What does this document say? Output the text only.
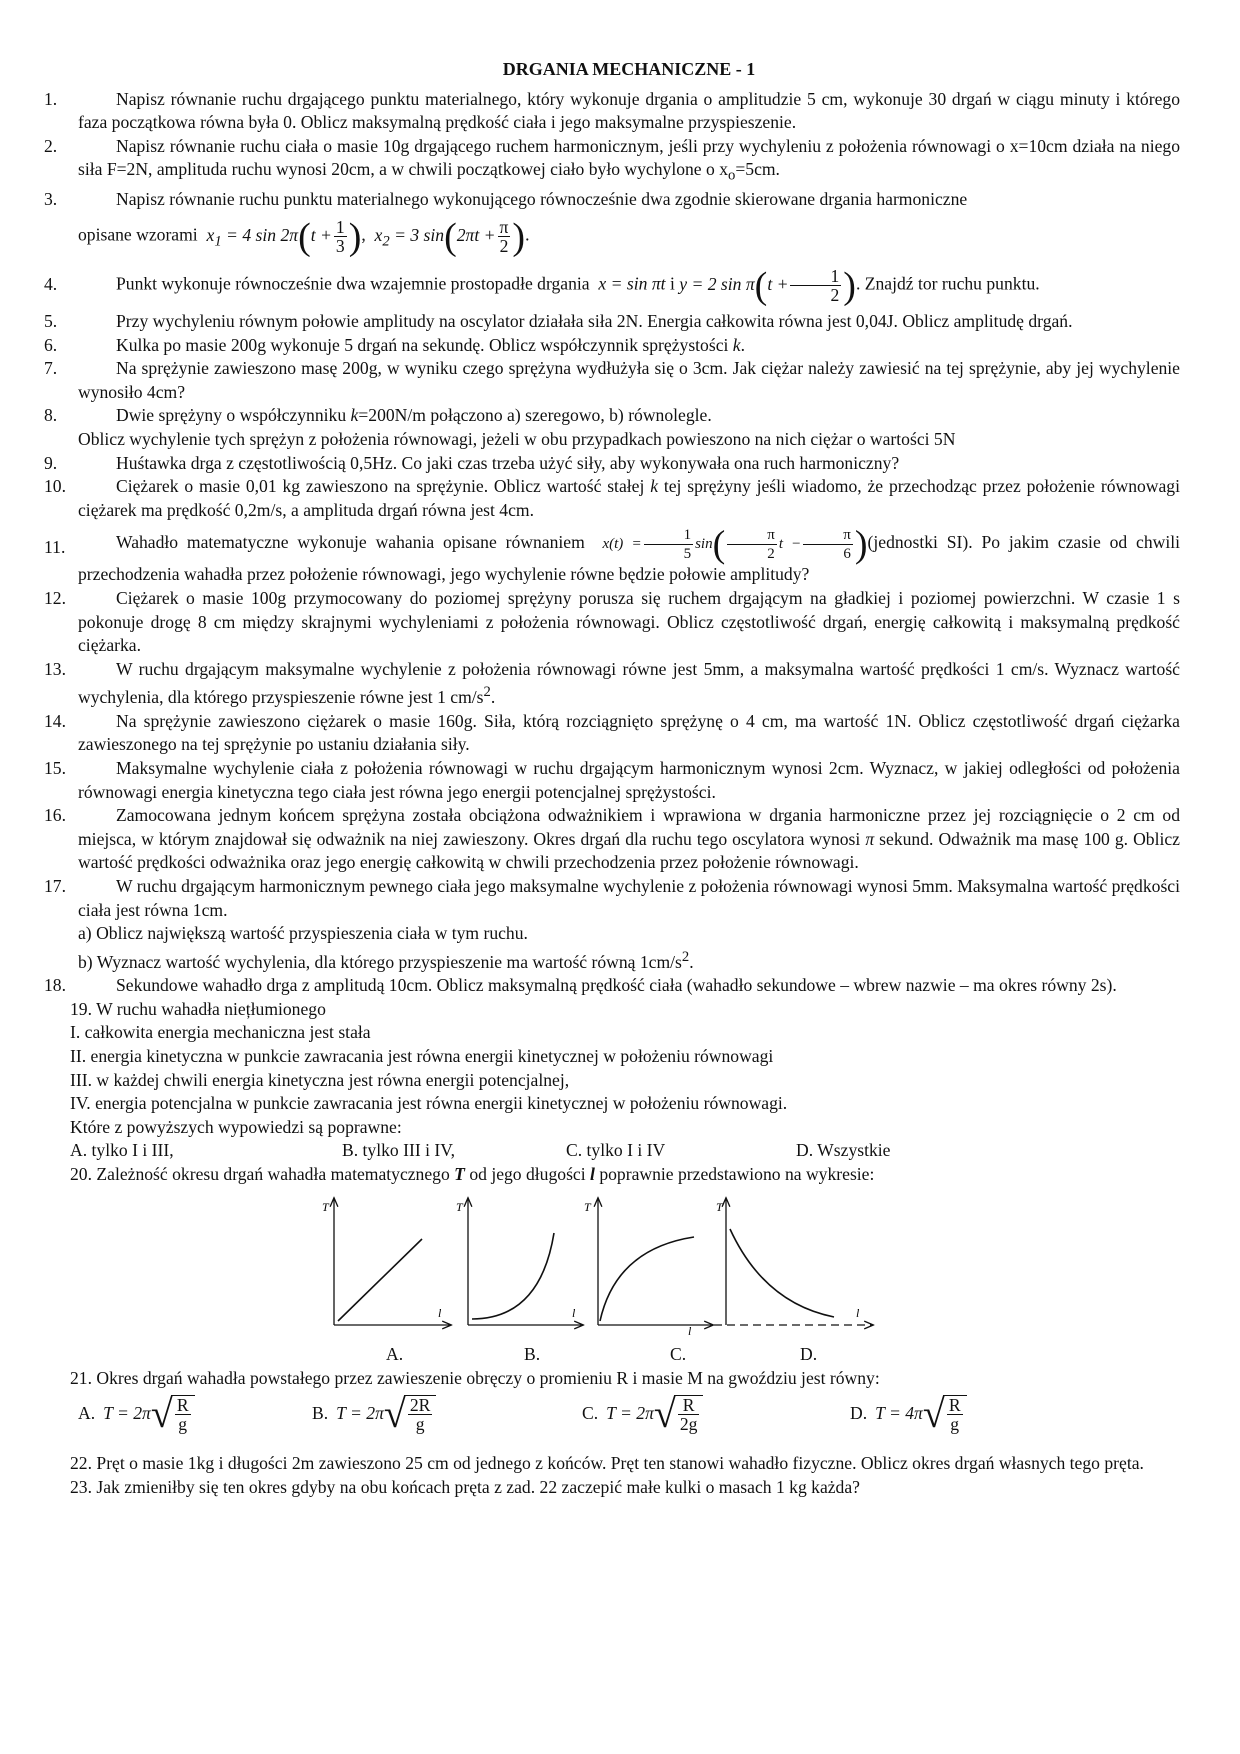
DRGANIA MECHANICZNE - 1
1.	Napisz równanie ruchu drgającego punktu materialnego, który wykonuje drgania o amplitudzie 5 cm, wykonuje 30 drgań w ciągu minuty i którego faza początkowa równa była 0. Oblicz maksymalną prędkość ciała i jego maksymalne przyspieszenie.
2.	Napisz równanie ruchu ciała o masie 10g drgającego ruchem harmonicznym, jeśli przy wychyleniu z położenia równowagi o x=10cm działa na niego siła F=2N, amplituda ruchu wynosi 20cm, a w chwili początkowej ciało było wychylone o $x_o=5cm$.
3.	Napisz równanie ruchu punktu materialnego wykonującego równocześnie dwa zgodnie skierowane drgania harmoniczne
opisane wzorami $x_1 = 4$ $\sin 2\pi(t + \frac{1}{3}$ ), $x_2 = 3$ $\sin(2\pi t + \frac{\pi}{2}$ ).
4.	Punkt wykonuje równocześnie dwa wzajemnie prostopadłe drgania x = sin πt i y = 2 $\sin \pi(t + \frac{1}{2}$ ). Znajdź tor ruchu punktu.
5.	Przy wychyleniu równym połowie amplitudy na oscylator działała siła 2N. Energia całkowita równa jest 0,04J. Oblicz amplitudę drgań.
6.	Kulka po masie 200g wykonuje 5 drgań na sekundę. Oblicz współczynnik sprężystości k.
7.	Na sprężynie zawieszono masę 200g, w wyniku czego sprężyna wydłużyła się o 3cm. Jak ciężar należy zawiesić na tej sprężynie, aby jej wychylenie wynosiło 4cm?
8.	Dwie sprężyny o współczynniku k=200N/m połączono a) szeregowo, b) równolegle.
Oblicz wychylenie tych sprężyn z położenia równowagi, jeżeli w obu przypadkach powieszono na nich ciężar o wartości 5N
9.	Huśtawka drga z częstotliwością 0,5Hz. Co jaki czas trzeba użyć siły, aby wykonywała ona ruch harmoniczny?
10.	Ciężarek o masie 0,01 kg zawieszono na sprężynie. Oblicz wartość stałej k tej sprężyny jeśli wiadomo, że przechodząc przez położenie równowagi ciężarek ma prędkość 0,2m/s, a amplituda drgań równa jest 4cm.
11.	Wahadło matematyczne wykonuje wahania opisane równaniem $x(t) = \frac{1}{5} \sin( \frac{\pi}{2}$ $t - \frac{\pi}{6}$ )(jednostki SI). Po jakim czasie od chwili przechodzenia wahadła przez położenie równowagi, jego wychylenie równe będzie połowie amplitudy?
12.	Ciężarek o masie 100g przymocowany do poziomej sprężyny porusza się ruchem drgającym na gładkiej i poziomej powierzchni. W czasie 1 s pokonuje drogę 8 cm między skrajnymi wychyleniami z położenia równowagi. Oblicz częstotliwość drgań, energię całkowitą i maksymalną prędkość ciężarka.
13.	W ruchu drgającym maksymalne wychylenie z położenia równowagi równe jest 5mm, a maksymalna wartość prędkości 1 cm/s. Wyznacz wartość wychylenia, dla którego przyspieszenie równe jest 1 $cm/s^2$.
14.	Na sprężynie zawieszono ciężarek o masie 160g. Siła, którą rozciągnięto sprężynę o 4 cm, ma wartość 1N. Oblicz częstotliwość drgań ciężarka zawieszonego na tej sprężynie po ustaniu działania siły.
15.	Maksymalne wychylenie ciała z położenia równowagi w ruchu drgającym harmonicznym wynosi 2cm. Wyznacz, w jakiej odległości od położenia równowagi energia kinetyczna tego ciała jest równa jego energii potencjalnej sprężystości.
16.	Zamocowana jednym końcem sprężyna została obciążona odważnikiem i wprawiona w drgania harmoniczne przez jej rozciągnięcie o 2 cm od miejsca, w którym znajdował się odważnik na niej zawieszony. Okres drgań dla ruchu tego oscylatora wynosi π sekund. Odważnik ma masę 100 g. Oblicz wartość prędkości odważnika oraz jego energię całkowitą w chwili przechodzenia przez położenie równowagi.
17.	W ruchu drgającym harmonicznym pewnego ciała jego maksymalne wychylenie z położenia równowagi wynosi 5mm. Maksymalna wartość prędkości ciała jest równa 1cm.
a) Oblicz największą wartość przyspieszenia ciała w tym ruchu.
b) Wyznacz wartość wychylenia, dla którego przyspieszenie ma wartość równą $1cm/s^2$.
18.	Sekundowe wahadło drga z amplitudą 10cm. Oblicz maksymalną prędkość ciała (wahadło sekundowe – wbrew nazwie – ma okres równy 2s).
19. W ruchu wahadła niețłumionego
I. całkowita energia mechaniczna jest stała
II. energia kinetyczna w punkcie zawracania jest równa energii kinetycznej w położeniu równowagi
III. w każdej chwili energia kinetyczna jest równa energii potencjalnej,
IV. energia potencjalna w punkcie zawracania jest równa energii kinetycznej w położeniu równowagi.
Które z powyższych wypowiedzi są poprawne:
A. tylko I i III,	B. tylko III i IV,	C. tylko I i IV	D. Wszystkie
20. Zależność okresu drgań wahadła matematycznego T od jego długości l poprawnie przedstawiono na wykresie:
T
l
T
l
T
l
T
l
A.	B.	C.	D.
21. Okres drgań wahadła powstałego przez zawieszenie obręczy o promieniu R i masie M na gwoździu jest równy:
A. T = 2π √ $\frac{R}{g}$	B. T = 2π √ $\frac{2R}{g}$	C. T = 2π √ $\frac{R}{2g}$	D. T = 4π √ $\frac{R}{g}$
22. Pręt o masie 1kg i długości 2m zawieszono 25 cm od jednego z końców. Pręt ten stanowi wahadło fizyczne. Oblicz okres drgań własnych tego pręta.
23. Jak zmieniłby się ten okres gdyby na obu końcach pręta z zad. 22 zaczepić małe kulki o masach 1 kg każda?
